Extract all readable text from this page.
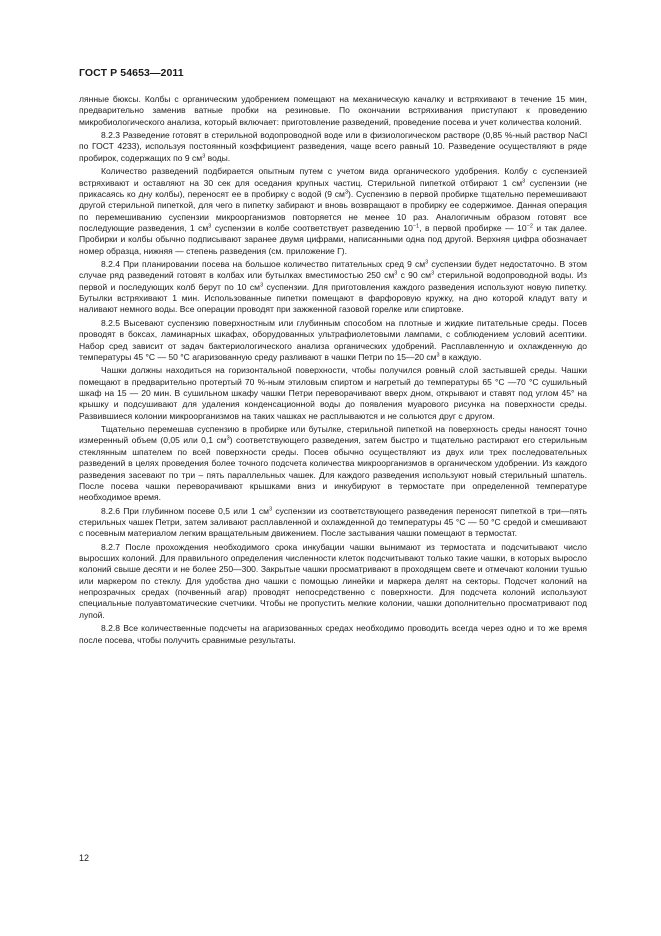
ГОСТ Р 54653—2011

лянные бюксы. Колбы с органическим удобрением помещают на механическую качалку и встряхивают в течение 15 мин, предварительно заменив ватные пробки на резиновые. По окончании встряхивания приступают к проведению микробиологического анализа, который включает: приготовление разведений, проведение посева и учет количества колоний.

8.2.3 Разведение готовят в стерильной водопроводной воде или в физиологическом растворе (0,85 %-ный раствор NaCl по ГОСТ 4233), используя постоянный коэффициент разведения, чаще всего равный 10. Разведение осуществляют в ряде пробирок, содержащих по 9 $см^3$ воды.

Количество разведений подбирается опытным путем с учетом вида органического удобрения. Колбу с суспензией встряхивают и оставляют на 30 сек для оседания крупных частиц. Стерильной пипеткой отбирают 1 $см^3$ суспензии (не прикасаясь ко дну колбы), переносят ее в пробирку с водой (9 $см^3$). Суспензию в первой пробирке тщательно перемешивают другой стерильной пипеткой, для чего в пипетку забирают и вновь возвращают в пробирку ее содержимое. Данная операция по перемешиванию суспензии микроорганизмов повторяется не менее 10 раз. Аналогичным образом готовят все последующие разведения, 1 $см^3$ суспензии в колбе соответствует разведению $10^{-1}$, в первой пробирке — $10^{-2}$ и так далее. Пробирки и колбы обычно подписывают заранее двумя цифрами, написанными одна под другой. Верхняя цифра обозначает номер образца, нижняя — степень разведения (см. приложение Г).

8.2.4 При планировании посева на большое количество питательных сред 9 $см^3$ суспензии будет недостаточно. В этом случае ряд разведений готовят в колбах или бутылках вместимостью 250 $см^3$ с 90 $см^3$ стерильной водопроводной воды. Из первой и последующих колб берут по 10 $см^3$ суспензии. Для приготовления каждого разведения используют новую пипетку. Бутылки встряхивают 1 мин. Использованные пипетки помещают в фарфоровую кружку, на дно которой кладут вату и наливают немного воды. Все операции проводят при зажженной газовой горелке или спиртовке.

8.2.5 Высевают суспензию поверхностным или глубинным способом на плотные и жидкие питательные среды. Посев проводят в боксах, ламинарных шкафах, оборудованных ультрафиолетовыми лампами, с соблюдением условий асептики. Набор сред зависит от задач бактериологического анализа органических удобрений. Расплавленную и охлажденную до температуры 45 °C — 50 °C агаризованную среду разливают в чашки Петри по 15—20 $см^3$ в каждую.

Чашки должны находиться на горизонтальной поверхности, чтобы получился ровный слой застывшей среды. Чашки помещают в предварительно протертый 70 %-ным этиловым спиртом и нагретый до температуры 65 °C —70 °C сушильный шкаф на 15 — 20 мин. В сушильном шкафу чашки Петри переворачивают вверх дном, открывают и ставят под углом 45° на крышку и подсушивают для удаления конденсационной воды до появления муарового рисунка на поверхности среды. Развившиеся колонии микроорганизмов на таких чашках не расплываются и не сольются друг с другом.

Тщательно перемешав суспензию в пробирке или бутылке, стерильной пипеткой на поверхность среды наносят точно измеренный объем (0,05 или 0,1 $см^3$) соответствующего разведения, затем быстро и тщательно растирают его стерильным стеклянным шпателем по всей поверхности среды. Посев обычно осуществляют из двух или трех последовательных разведений в целях проведения более точного подсчета количества микроорганизмов в органическом удобрении. Из каждого разведения засевают по три – пять параллельных чашек. Для каждого разведения используют новый стерильный шпатель. После посева чашки переворачивают крышками вниз и инкубируют в термостате при определенной температуре необходимое время.

8.2.6 При глубинном посеве 0,5 или 1 $см^3$ суспензии из соответствующего разведения переносят пипеткой в три—пять стерильных чашек Петри, затем заливают расплавленной и охлажденной до температуры 45 °C — 50 °C средой и смешивают с посевным материалом легким вращательным движением. После застывания чашки помещают в термостат.

8.2.7 После прохождения необходимого срока инкубации чашки вынимают из термостата и подсчитывают число выросших колоний. Для правильного определения численности клеток подсчитывают только такие чашки, в которых выросло колоний свыше десяти и не более 250—300. Закрытые чашки просматривают в проходящем свете и отмечают колонии тушью или маркером по стеклу. Для удобства дно чашки с помощью линейки и маркера делят на секторы. Подсчет колоний на непрозрачных средах (почвенный агар) проводят непосредственно с поверхности. Для подсчета колоний используют специальные полуавтоматические счетчики. Чтобы не пропустить мелкие колонии, чашки дополнительно просматривают под лупой.

8.2.8 Все количественные подсчеты на агаризованных средах необходимо проводить всегда через одно и то же время после посева, чтобы получить сравнимые результаты.

12
